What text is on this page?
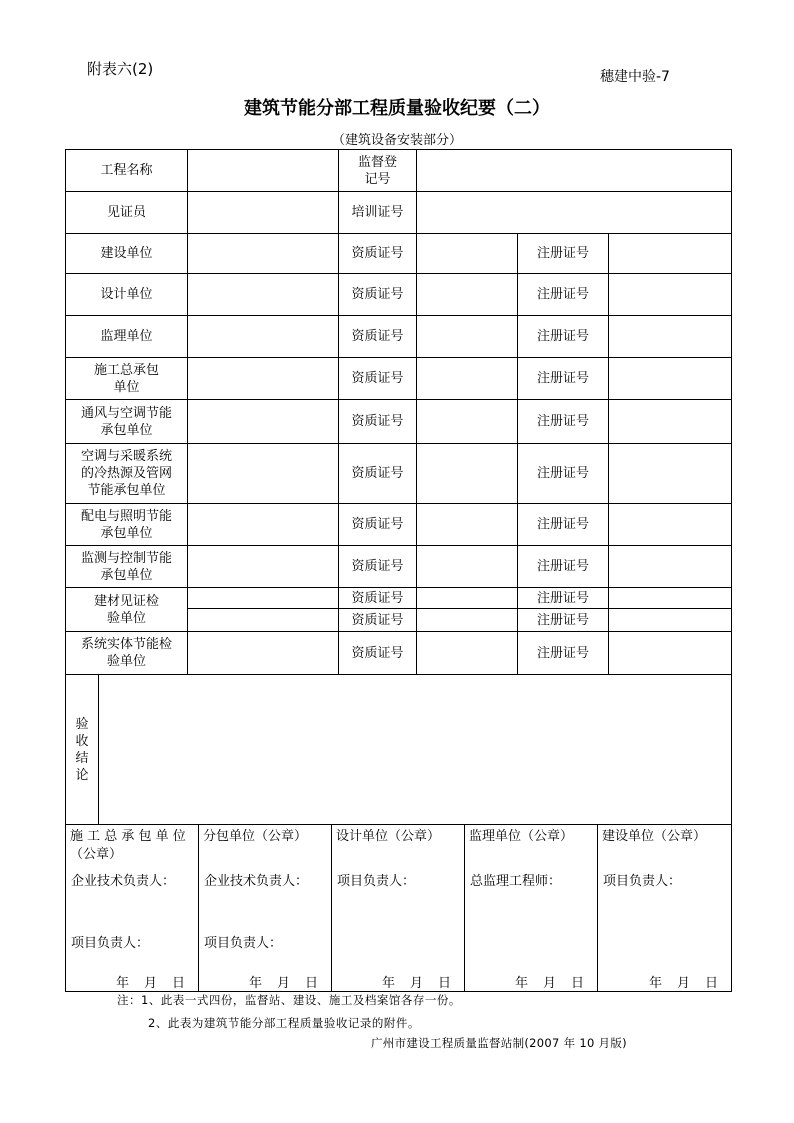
附表六(2)	穗建中验-7
建筑节能分部工程质量验收纪要（二）
（建筑设备安装部分）
工程名称			监督登
记号			
见证员			培训证号			
建设单位			资质证号		注册证号	
设计单位			资质证号		注册证号	
监理单位			资质证号		注册证号	
施工总承包
单位			资质证号		注册证号	
通风与空调节能
承包单位			资质证号		注册证号	
空调与采暖系统
的冷热源及管网
节能承包单位			资质证号		注册证号	
配电与照明节能
承包单位			资质证号		注册证号	
监测与控制节能
承包单位			资质证号		注册证号	
建材见证检
验单位			资质证号		注册证号	
			资质证号		注册证号	
系统实体节能检
验单位			资质证号		注册证号	
验
收
结
论						
施 工 总 承 包 单 位（公章）
企业技术负责人：
项目负责人：
年　月　日

分包单位（公章）
企业技术负责人：
项目负责人：
年　月　日

设计单位（公章）
项目负责人：
年　月　日

监理单位（公章）
总监理工程师：
年　月　日

建设单位（公章）
项目负责人：
年　月　日
注：1、此表一式四份，监督站、建设、施工及档案馆各存一份。
2、此表为建筑节能分部工程质量验收记录的附件。
广州市建设工程质量监督站制(2007 年 10 月版)
